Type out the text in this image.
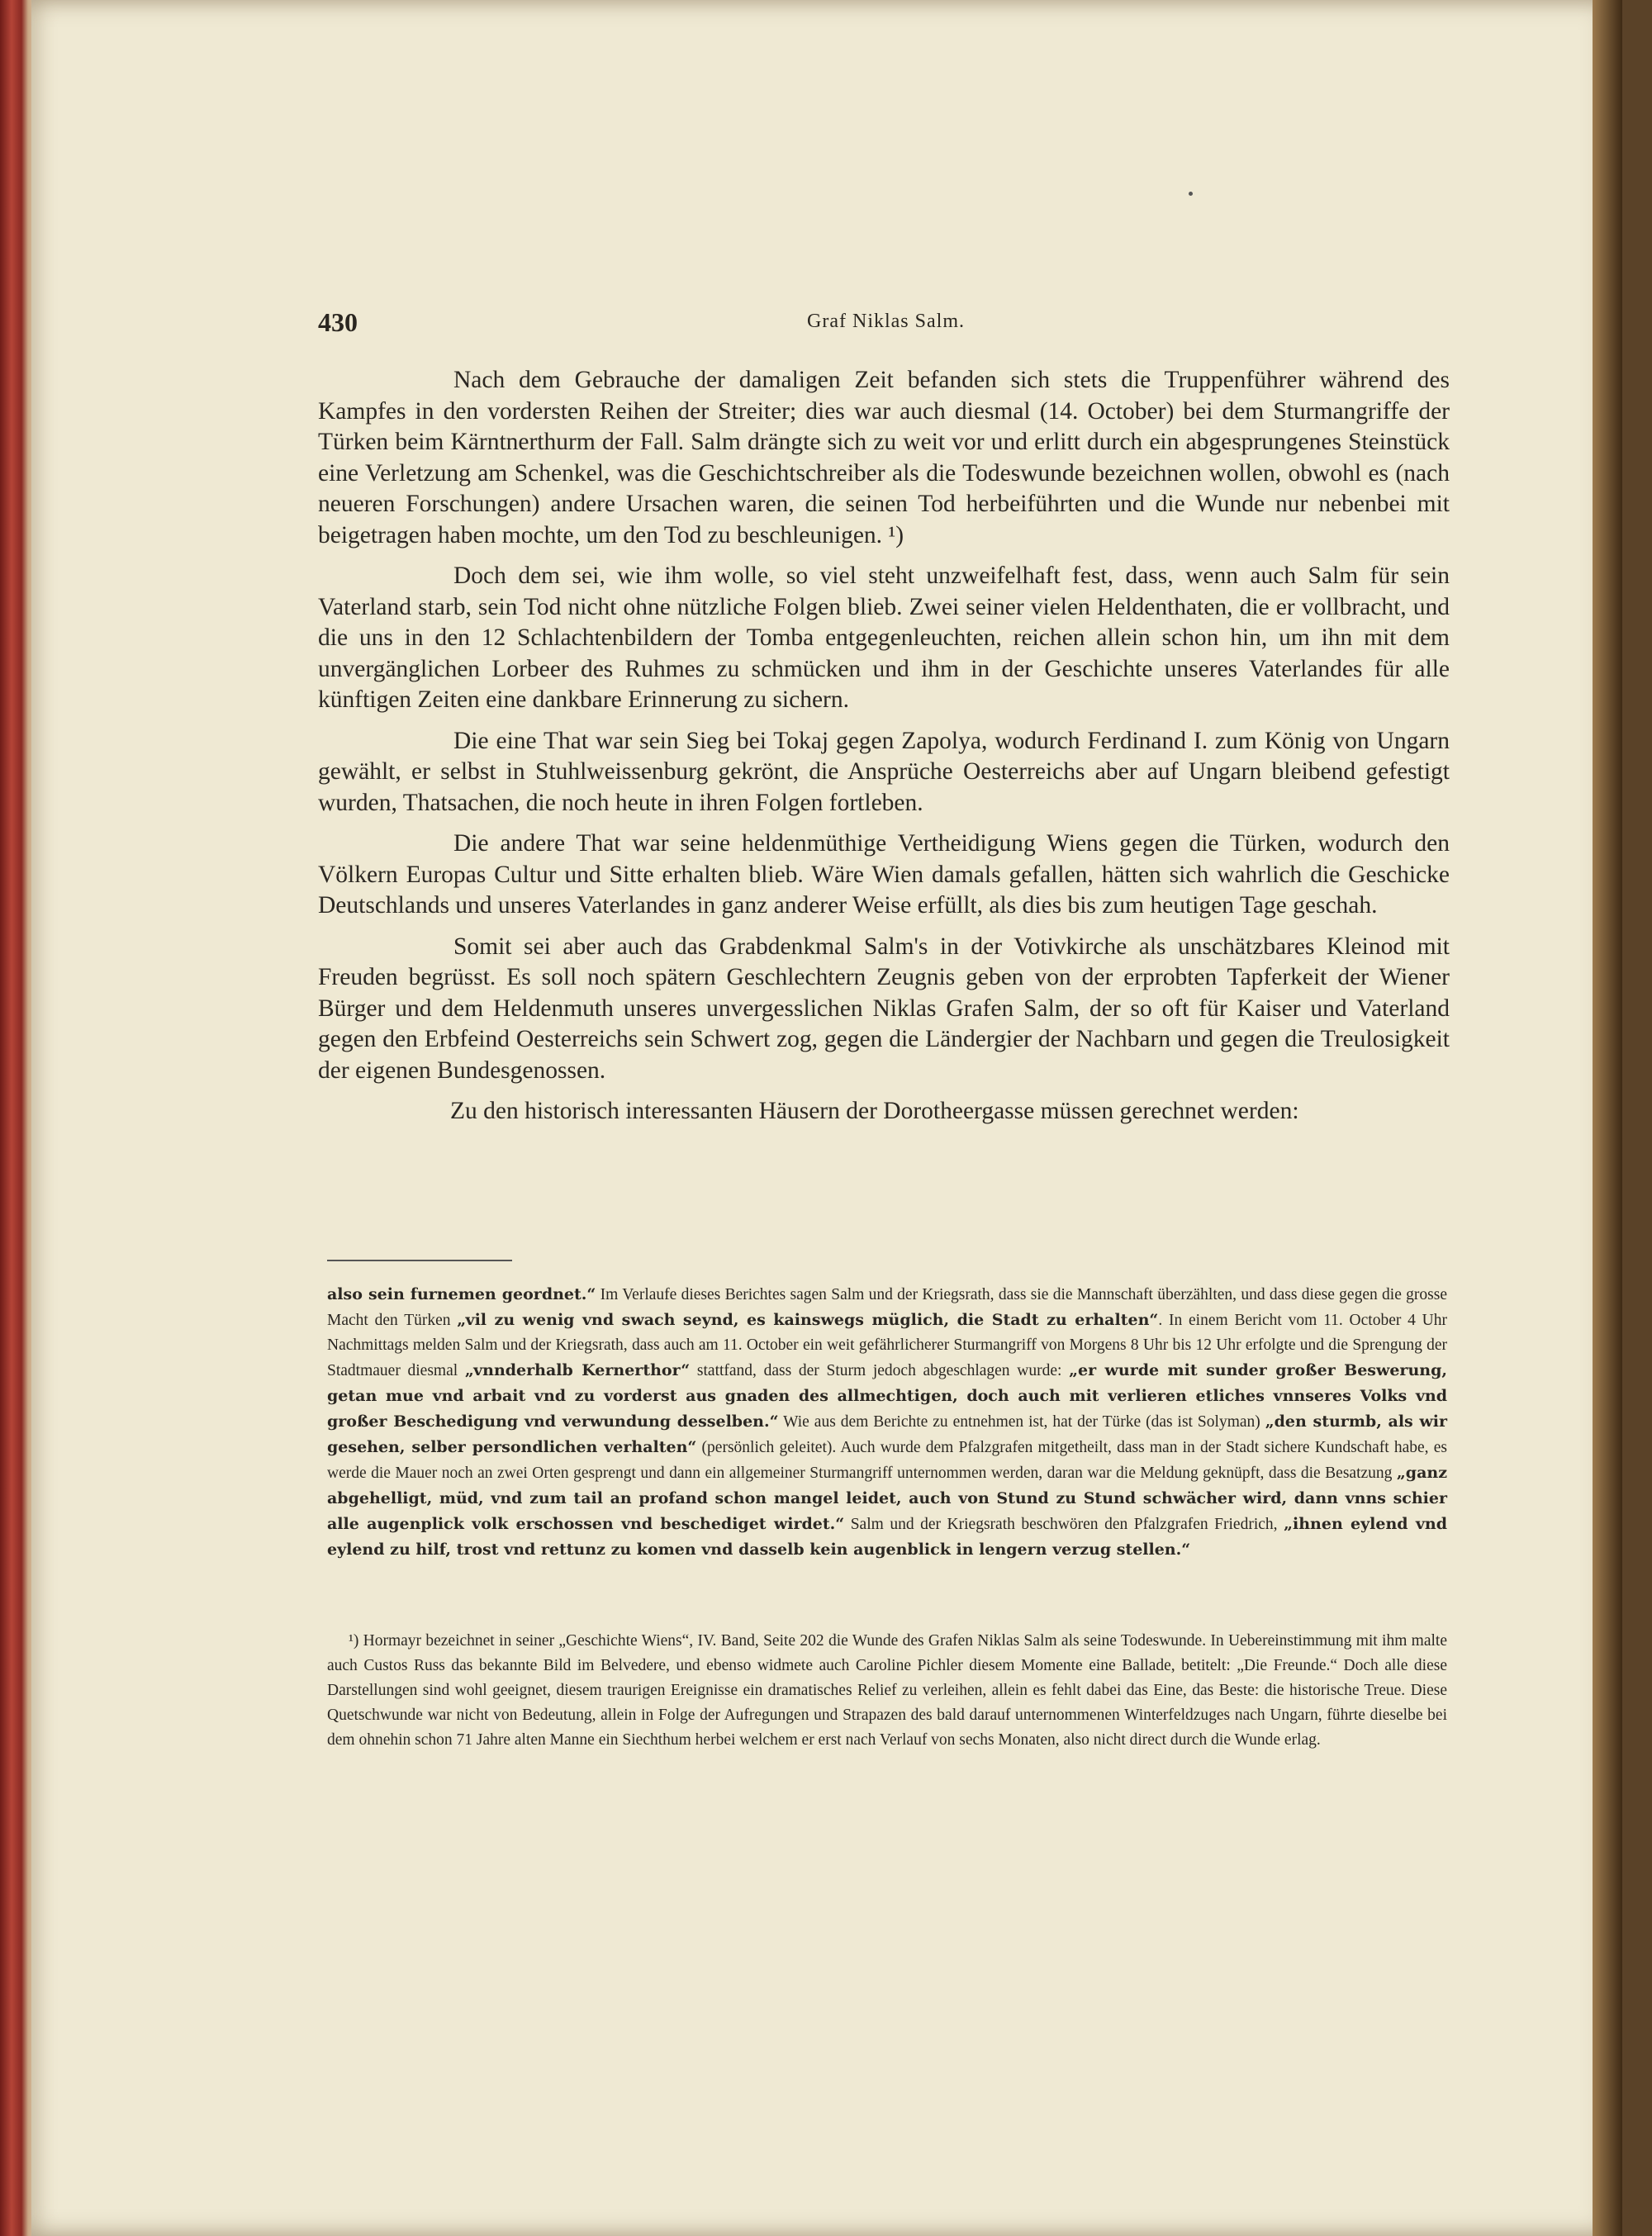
430	Graf Niklas Salm.

Nach dem Gebrauche der damaligen Zeit befanden sich stets die Truppenführer während des Kampfes in den vordersten Reihen der Streiter; dies war auch diesmal (14. October) bei dem Sturmangriffe der Türken beim Kärntnerthurm der Fall. Salm drängte sich zu weit vor und erlitt durch ein abgesprungenes Steinstück eine Verletzung am Schenkel, was die Geschichtschreiber als die Todeswunde bezeichnen wollen, obwohl es (nach neueren Forschungen) andere Ursachen waren, die seinen Tod herbeiführten und die Wunde nur nebenbei mit beigetragen haben mochte, um den Tod zu beschleunigen. ¹)

Doch dem sei, wie ihm wolle, so viel steht unzweifelhaft fest, dass, wenn auch Salm für sein Vaterland starb, sein Tod nicht ohne nützliche Folgen blieb. Zwei seiner vielen Heldenthaten, die er vollbracht, und die uns in den 12 Schlachtenbildern der Tomba entgegenleuchten, reichen allein schon hin, um ihn mit dem unvergänglichen Lorbeer des Ruhmes zu schmücken und ihm in der Geschichte unseres Vaterlandes für alle künftigen Zeiten eine dankbare Erinnerung zu sichern.

Die eine That war sein Sieg bei Tokaj gegen Zapolya, wodurch Ferdinand I. zum König von Ungarn gewählt, er selbst in Stuhlweissenburg gekrönt, die Ansprüche Oesterreichs aber auf Ungarn bleibend gefestigt wurden, Thatsachen, die noch heute in ihren Folgen fortleben.

Die andere That war seine heldenmüthige Vertheidigung Wiens gegen die Türken, wodurch den Völkern Europas Cultur und Sitte erhalten blieb. Wäre Wien damals gefallen, hätten sich wahrlich die Geschicke Deutschlands und unseres Vaterlandes in ganz anderer Weise erfüllt, als dies bis zum heutigen Tage geschah.

Somit sei aber auch das Grabdenkmal Salm's in der Votivkirche als unschätzbares Kleinod mit Freuden begrüsst. Es soll noch spätern Geschlechtern Zeugnis geben von der erprobten Tapferkeit der Wiener Bürger und dem Heldenmuth unseres unvergesslichen Niklas Grafen Salm, der so oft für Kaiser und Vaterland gegen den Erbfeind Oesterreichs sein Schwert zog, gegen die Ländergier der Nachbarn und gegen die Treulosigkeit der eigenen Bundesgenossen.

Zu den historisch interessanten Häusern der Dorotheergasse müssen gerechnet werden:

also sein furnemen geordnet.“ Im Verlaufe dieses Berichtes sagen Salm und der Kriegsrath, dass sie die Mannschaft überzählten, und dass diese gegen die grosse Macht den Türken „vil zu wenig vnd swach seynd, es kainswegs müglich, die Stadt zu erhalten“. In einem Bericht vom 11. October 4 Uhr Nachmittags melden Salm und der Kriegsrath, dass auch am 11. October ein weit gefährlicherer Sturmangriff von Morgens 8 Uhr bis 12 Uhr erfolgte und die Sprengung der Stadtmauer diesmal „vnnderhalb Kernerthor“ stattfand, dass der Sturm jedoch abgeschlagen wurde: „er wurde mit sunder großer Beswerung, getan mue vnd arbait vnd zu vorderst aus gnaden des allmechtigen, doch auch mit verlieren etliches vnnseres Volks vnd großer Beschedigung vnd verwundung desselben.“ Wie aus dem Berichte zu entnehmen ist, hat der Türke (das ist Solyman) „den sturmb, als wir gesehen, selber persondlichen verhalten“ (persönlich geleitet). Auch wurde dem Pfalzgrafen mitgetheilt, dass man in der Stadt sichere Kundschaft habe, es werde die Mauer noch an zwei Orten gesprengt und dann ein allgemeiner Sturmangriff unternommen werden, daran war die Meldung geknüpft, dass die Besatzung „ganz abgehelligt, müd, vnd zum tail an profand schon mangel leidet, auch von Stund zu Stund schwächer wird, dann vnns schier alle augenplick volk erschossen vnd beschediget wirdet.“ Salm und der Kriegsrath beschwören den Pfalzgrafen Friedrich, „ihnen eylend vnd eylend zu hilf, trost vnd rettunz zu komen vnd dasselb kein augenblick in lengern verzug stellen.“
¹) Hormayr bezeichnet in seiner „Geschichte Wiens“, IV. Band, Seite 202 die Wunde des Grafen Niklas Salm als seine Todeswunde. In Uebereinstimmung mit ihm malte auch Custos Russ das bekannte Bild im Belvedere, und ebenso widmete auch Caroline Pichler diesem Momente eine Ballade, betitelt: „Die Freunde.“ Doch alle diese Darstellungen sind wohl geeignet, diesem traurigen Ereignisse ein dramatisches Relief zu verleihen, allein es fehlt dabei das Eine, das Beste: die historische Treue. Diese Quetschwunde war nicht von Bedeutung, allein in Folge der Aufregungen und Strapazen des bald darauf unternommenen Winterfeldzuges nach Ungarn, führte dieselbe bei dem ohnehin schon 71 Jahre alten Manne ein Siechthum herbei welchem er erst nach Verlauf von sechs Monaten, also nicht direct durch die Wunde erlag.
